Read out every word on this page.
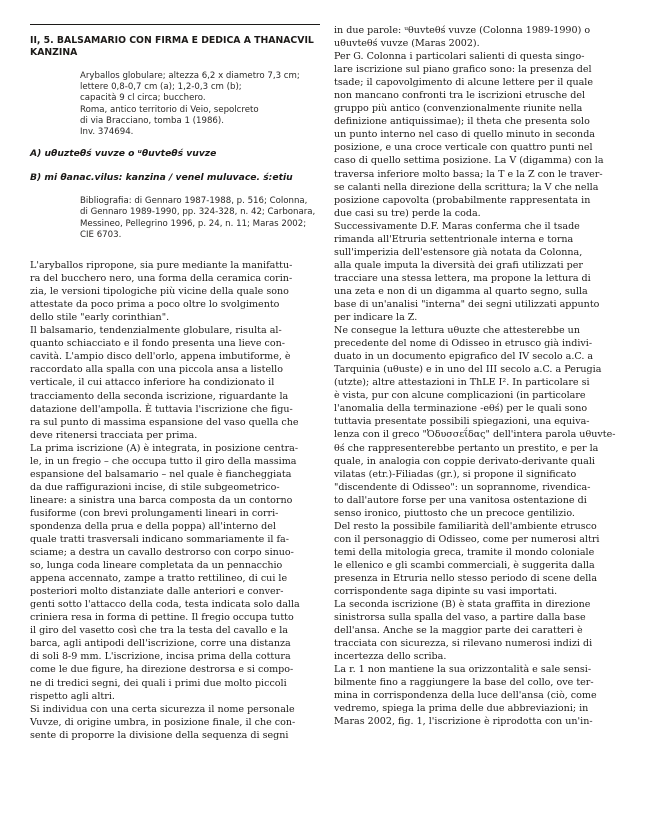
II, 5. BALSAMARIO CON FIRMA E DEDICA A THANACVIL
KANZINA
Aryballos globulare; altezza 6,2 x diametro 7,3 cm;
lettere 0,8-0,7 cm (a); 1,2-0,3 cm (b);
capacità 9 cl circa; bucchero.
Roma, antico territorio di Veio, sepolcreto
di via Bracciano, tomba 1 (1986).
Inv. 374694.
A) uθuzteθś vuvze o ᵘθuvteθś vuvze
B) mi θanac.vilus: kanzina / venel muluvace. ś:etiu
Bibliografia: di Gennaro 1987-1988, p. 516; Colonna,
di Gennaro 1989-1990, pp. 324-328, n. 42; Carbonara,
Messineo, Pellegrino 1996, p. 24, n. 11; Maras 2002;
CIE 6703.
L'aryballos ripropone, sia pure mediante la manifattu-
ra del bucchero nero, una forma della ceramica corin-
zia, le versioni tipologiche più vicine della quale sono
attestate da poco prima a poco oltre lo svolgimento
dello stile "early corinthian".
Il balsamario, tendenzialmente globulare, risulta al-
quanto schiacciato e il fondo presenta una lieve con-
cavità. L'ampio disco dell'orlo, appena imbutiforme, è
raccordato alla spalla con una piccola ansa a listello
verticale, il cui attacco inferiore ha condizionato il
tracciamento della seconda iscrizione, riguardante la
datazione dell'ampolla. È tuttavia l'iscrizione che figu-
ra sul punto di massima espansione del vaso quella che
deve ritenersi tracciata per prima.
La prima iscrizione (A) è integrata, in posizione centra-
le, in un fregio – che occupa tutto il giro della massima
espansione del balsamario – nel quale è fiancheggiata
da due raffigurazioni incise, di stile subgeometrico-
lineare: a sinistra una barca composta da un contorno
fusiforme (con brevi prolungamenti lineari in corri-
spondenza della prua e della poppa) all'interno del
quale tratti trasversali indicano sommariamente il fa-
sciame; a destra un cavallo destrorso con corpo sinuo-
so, lunga coda lineare completata da un pennacchio
appena accennato, zampe a tratto rettilineo, di cui le
posteriori molto distanziate dalle anteriori e conver-
genti sotto l'attacco della coda, testa indicata solo dalla
criniera resa in forma di pettine. Il fregio occupa tutto
il giro del vasetto così che tra la testa del cavallo e la
barca, agli antipodi dell'iscrizione, corre una distanza
di soli 8-9 mm. L'iscrizione, incisa prima della cottura
come le due figure, ha direzione destrorsa e si compo-
ne di tredici segni, dei quali i primi due molto piccoli
rispetto agli altri.
Si individua con una certa sicurezza il nome personale
Vuvze, di origine umbra, in posizione finale, il che con-
sente di proporre la divisione della sequenza di segni
in due parole: ᵘθuvteθś vuvze (Colonna 1989-1990) o
uθuvteθś vuvze (Maras 2002).
Per G. Colonna i particolari salienti di questa singo-
lare iscrizione sul piano grafico sono: la presenza del
tsade; il capovolgimento di alcune lettere per il quale
non mancano confronti tra le iscrizioni etrusche del
gruppo più antico (convenzionalmente riunite nella
definizione antiquissimae); il theta che presenta solo
un punto interno nel caso di quello minuto in seconda
posizione, e una croce verticale con quattro punti nel
caso di quello settima posizione. La V (digamma) con la
traversa inferiore molto bassa; la T e la Z con le traver-
se calanti nella direzione della scrittura; la V che nella
posizione capovolta (probabilmente rappresentata in
due casi su tre) perde la coda.
Successivamente D.F. Maras conferma che il tsade
rimanda all'Etruria settentrionale interna e torna
sull'imperizia dell'estensore già notata da Colonna,
alla quale imputa la diversità dei grafi utilizzati per
tracciare una stessa lettera, ma propone la lettura di
una zeta e non di un digamma al quarto segno, sulla
base di un'analisi "interna" dei segni utilizzati appunto
per indicare la Z.
Ne consegue la lettura uθuzte che attesterebbe un
precedente del nome di Odisseo in etrusco già indivi-
duato in un documento epigrafico del IV secolo a.C. a
Tarquinia (uθuste) e in uno del III secolo a.C. a Perugia
(utzte); altre attestazioni in ThLE I². In particolare si
è vista, pur con alcune complicazioni (in particolare
l'anomalia della terminazione -eθś) per le quali sono
tuttavia presentate possibili spiegazioni, una equiva-
lenza con il greco "Ὀδυσσεΐδας" dell'intera parola uθuvte-
θś che rappresenterebbe pertanto un prestito, e per la
quale, in analogia con coppie derivato-derivante quali
vilatas (etr.)-Filiadas (gr.), si propone il significato
"discendente di Odisseo": un soprannome, rivendica-
to dall'autore forse per una vanitosa ostentazione di
senso ironico, piuttosto che un precoce gentilizio.
Del resto la possibile familiarità dell'ambiente etrusco
con il personaggio di Odisseo, come per numerosi altri
temi della mitologia greca, tramite il mondo coloniale
le ellenico e gli scambi commerciali, è suggerita dalla
presenza in Etruria nello stesso periodo di scene della
corrispondente saga dipinte su vasi importati.
La seconda iscrizione (B) è stata graffita in direzione
sinistrorsa sulla spalla del vaso, a partire dalla base
dell'ansa. Anche se la maggior parte dei caratteri è
tracciata con sicurezza, si rilevano numerosi indizi di
incertezza dello scriba.
La r. 1 non mantiene la sua orizzontalità e sale sensi-
bilmente fino a raggiungere la base del collo, ove ter-
mina in corrispondenza della luce dell'ansa (ciò, come
vedremo, spiega la prima delle due abbreviazioni; in
Maras 2002, fig. 1, l'iscrizione è riprodotta con un'in-
